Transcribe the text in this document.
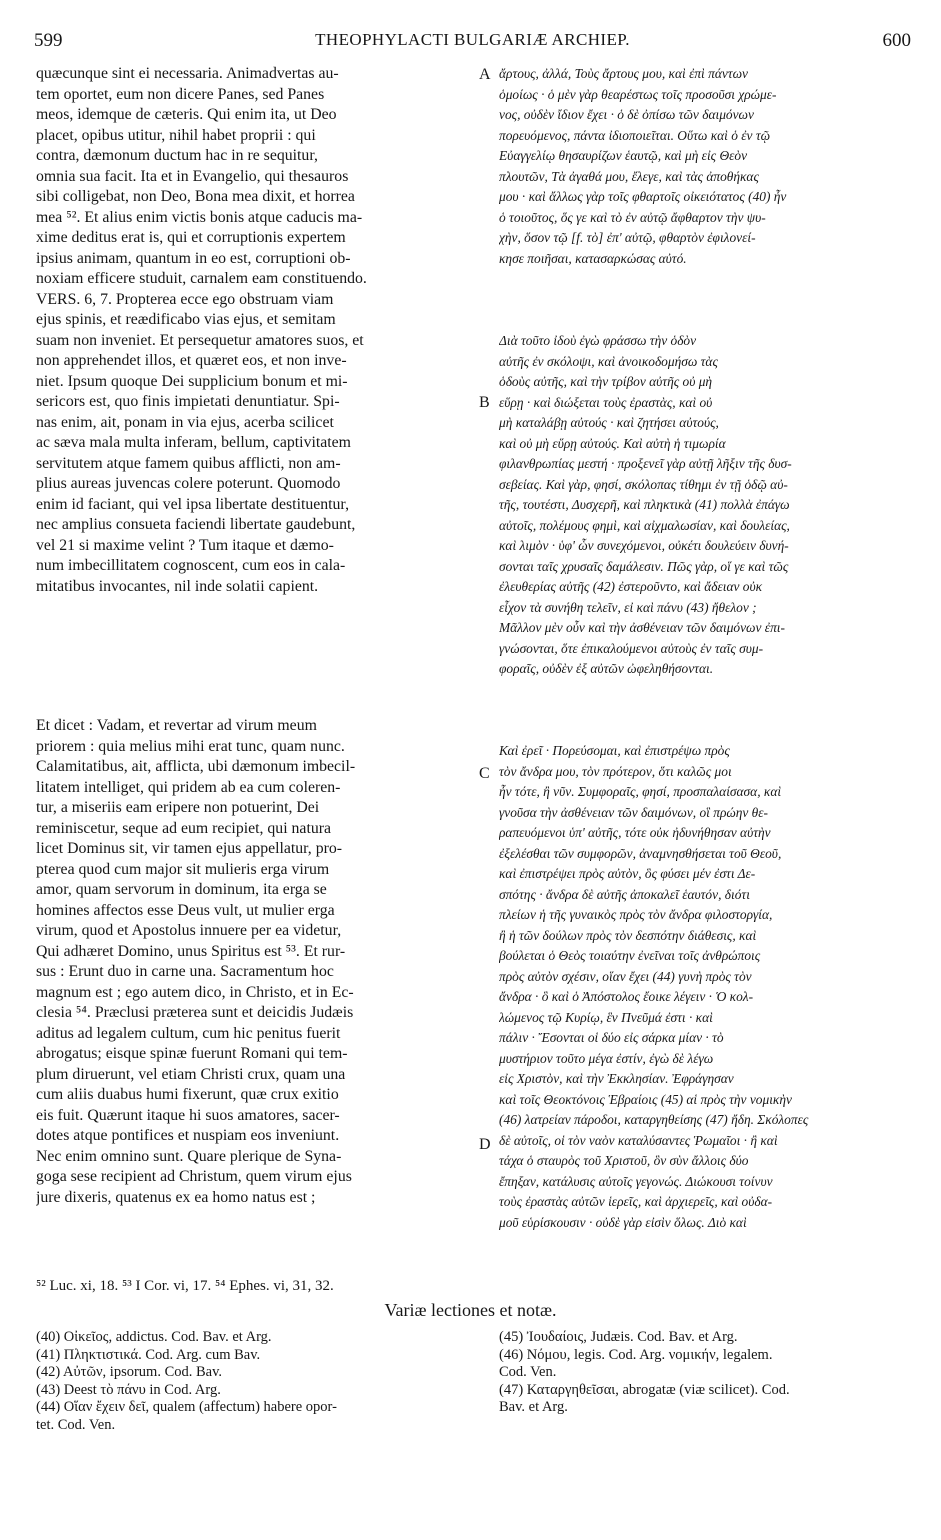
599	THEOPHYLACTI BULGARIÆ ARCHIEP.	600
quæcunque sint ei necessaria. Animadvertas au-
tem oportet, eum non dicere Panes, sed Panes
meos, idemque de cæteris. Qui enim ita, ut Deo
placet, opibus utitur, nihil habet proprii : qui
contra, dæmonum ductum hac in re sequitur,
omnia sua facit. Ita et in Evangelio, qui thesauros
sibi colligebat, non Deo, Bona mea dixit, et horrea
mea ⁵². Et alius enim victis bonis atque caducis ma-
xime deditus erat is, qui et corruptionis expertem
ipsius animam, quantum in eo est, corruptioni ob-
noxiam efficere studuit, carnalem eam constituendo.
VERS. 6, 7. Propterea ecce ego obstruam viam
ejus spinis, et reædificabo vias ejus, et semitam
suam non inveniet. Et persequetur amatores suos, et
non apprehendet illos, et quæret eos, et non inve-
niet. Ipsum quoque Dei supplicium bonum et mi-
sericors est, quo finis impietati denuntiatur. Spi-
nas enim, ait, ponam in via ejus, acerba scilicet
ac sæva mala multa inferam, bellum, captivitatem
servitutem atque famem quibus afflicti, non am-
plius aureas juvencas colere poterunt. Quomodo
enim id faciant, qui vel ipsa libertate destituentur,
nec amplius consueta faciendi libertate gaudebunt,
vel 21 si maxime velint ? Tum itaque et dæmo-
num imbecillitatem cognoscent, cum eos in cala-
mitatibus invocantes, nil inde solatii capient.
Et dicet : Vadam, et revertar ad virum meum
priorem : quia melius mihi erat tunc, quam nunc.
Calamitatibus, ait, afflicta, ubi dæmonum imbecil-
litatem intelliget, qui pridem ab ea cum coleren-
tur, a miseriis eam eripere non potuerint, Dei
reminiscetur, seque ad eum recipiet, qui natura
licet Dominus sit, vir tamen ejus appellatur, pro-
pterea quod cum major sit mulieris erga virum
amor, quam servorum in dominum, ita erga se
homines affectos esse Deus vult, ut mulier erga
virum, quod et Apostolus innuere per ea videtur,
Qui adhæret Domino, unus Spiritus est ⁵³. Et rur-
sus : Erunt duo in carne una. Sacramentum hoc
magnum est ; ego autem dico, in Christo, et in Ec-
clesia ⁵⁴. Præclusi præterea sunt et deicidis Judæis
aditus ad legalem cultum, cum hic penitus fuerit
abrogatus; eisque spinæ fuerunt Romani qui tem-
plum diruerunt, vel etiam Christi crux, quam una
cum aliis duabus humi fixerunt, quæ crux exitio
eis fuit. Quærunt itaque hi suos amatores, sacer-
dotes atque pontifices et nuspiam eos inveniunt.
Nec enim omnino sunt. Quare plerique de Syna-
goga sese recipient ad Christum, quem virum ejus
jure dixeris, quatenus ex ea homo natus est ;
ἄρτους, ἀλλά, Τοὺς ἄρτους μου, καὶ ἐπὶ πάντων
ὁμοίως · ὁ μὲν γὰρ θεαρέστως τοῖς προσοῦσι χρώμε-
νος, οὐδὲν ἴδιον ἔχει · ὁ δὲ ὀπίσω τῶν δαιμόνων
πορευόμενος, πάντα ἰδιοποιεῖται. Οὕτω καὶ ὁ ἐν τῷ
Εὐαγγελίῳ θησαυρίζων ἑαυτῷ, καὶ μὴ εἰς Θεὸν
πλουτῶν, Τὰ ἀγαθά μου, ἔλεγε, καὶ τὰς ἀποθήκας
μου · καὶ ἄλλως γὰρ τοῖς φθαρτοῖς οἰκειότατος (40) ἦν
ὁ τοιοῦτος, ὅς γε καὶ τὸ ἐν αὐτῷ ἄφθαρτον τὴν ψυ-
χὴν, ὅσον τῷ [f. τὸ] ἐπ' αὐτῷ, φθαρτὸν ἐφιλονεί-
κησε ποιῆσαι, κατασαρκώσας αὐτό.
Διὰ τοῦτο ἰδοὺ ἐγὼ φράσσω τὴν ὁδὸν
αὐτῆς ἐν σκόλοψι, καὶ ἀνοικοδομήσω τὰς
ὁδοὺς αὐτῆς, καὶ τὴν τρίβον αὐτῆς οὐ μὴ
εὕρῃ · καὶ διώξεται τοὺς ἐραστὰς, καὶ οὐ
μὴ καταλάβῃ αὐτούς · καὶ ζητήσει αὐτούς,
καὶ οὐ μὴ εὕρῃ αὐτούς. Καὶ αὐτὴ ἡ τιμωρία
φιλανθρωπίας μεστή · προξενεῖ γὰρ αὐτῇ λῆξιν τῆς δυσ-
σεβείας. Καὶ γὰρ, φησί, σκόλοπας τίθημι ἐν τῇ ὁδῷ αὐ-
τῆς, τουτέστι, Δυσχερῆ, καὶ πληκτικὰ (41) πολλὰ ἐπάγω
αὐτοῖς, πολέμους φημὶ, καὶ αἰχμαλωσίαν, καὶ δουλείας,
καὶ λιμὸν · ὑφ' ὧν συνεχόμενοι, οὐκέτι δουλεύειν δυνή-
σονται ταῖς χρυσαῖς δαμάλεσιν. Πῶς γὰρ, οἵ γε καὶ τῶς
ἐλευθερίας αὐτῆς (42) ἐστεροῦντο, καὶ ἄδειαν οὐκ
εἶχον τὰ συνήθη τελεῖν, εἰ καὶ πάνυ (43) ἤθελον ;
Μᾶλλον μὲν οὖν καὶ τὴν ἀσθένειαν τῶν δαιμόνων ἐπι-
γνώσονται, ὅτε ἐπικαλούμενοι αὐτοὺς ἐν ταῖς συμ-
φοραῖς, οὐδὲν ἐξ αὐτῶν ὠφεληθήσονται.
Καὶ ἐρεῖ · Πορεύσομαι, καὶ ἐπιστρέψω πρὸς
τὸν ἄνδρα μου, τὸν πρότερον, ὅτι καλῶς μοι
ἦν τότε, ἢ νῦν. Συμφοραῖς, φησί, προσπαλαίσασα, καὶ
γνοῦσα τὴν ἀσθένειαν τῶν δαιμόνων, οἳ πρώην θε-
ραπευόμενοι ὑπ' αὐτῆς, τότε οὐκ ἠδυνήθησαν αὐτὴν
ἐξελέσθαι τῶν συμφορῶν, ἀναμνησθήσεται τοῦ Θεοῦ,
καὶ ἐπιστρέψει πρὸς αὐτὸν, ὃς φύσει μέν ἐστι Δε-
σπότης · ἄνδρα δὲ αὐτῆς ἀποκαλεῖ ἑαυτόν, διότι
πλείων ἡ τῆς γυναικὸς πρὸς τὸν ἄνδρα φιλοστοργία,
ἢ ἡ τῶν δούλων πρὸς τὸν δεσπότην διάθεσις, καὶ
βούλεται ὁ Θεὸς τοιαύτην ἐνεῖναι τοῖς ἀνθρώποις
πρὸς αὐτὸν σχέσιν, οἵαν ἔχει (44) γυνὴ πρὸς τὸν
ἄνδρα · ὃ καὶ ὁ Ἀπόστολος ἔοικε λέγειν · Ὁ κολ-
λώμενος τῷ Κυρίῳ, ἓν Πνεῦμά ἐστι · καὶ
πάλιν · Ἔσονται οἱ δύο εἰς σάρκα μίαν · τὸ
μυστήριον τοῦτο μέγα ἐστίν, ἐγὼ δὲ λέγω
εἰς Χριστὸν, καὶ τὴν Ἐκκλησίαν. Ἐφράγησαν
καὶ τοῖς Θεοκτόνοις Ἑβραίοις (45) αἱ πρὸς τὴν νομικὴν
(46) λατρείαν πάροδοι, καταργηθείσης (47) ἤδη. Σκόλοπες
δὲ αὐτοῖς, οἱ τὸν ναὸν καταλύσαντες Ῥωμαῖοι · ἢ καὶ
τάχα ὁ σταυρὸς τοῦ Χριστοῦ, ὃν σὺν ἄλλοις δύο
ἔπηξαν, κατάλυσις αὐτοῖς γεγονώς. Διώκουσι τοίνυν
τοὺς ἐραστὰς αὐτῶν ἱερεῖς, καὶ ἀρχιερεῖς, καὶ οὐδα-
μοῦ εὑρίσκουσιν · οὐδὲ γὰρ εἰσὶν ὅλως. Διὸ καὶ
A
B
C
D
⁵² Luc. xi, 18. ⁵³ I Cor. vi, 17. ⁵⁴ Ephes. vi, 31, 32.
Variæ lectiones et notæ.
(40) Οἰκεῖος, addictus. Cod. Bav. et Arg.
(41) Πληκτιστικά. Cod. Arg. cum Bav.
(42) Αὐτῶν, ipsorum. Cod. Bav.
(43) Deest τὸ πάνυ in Cod. Arg.
(44) Οἵαν ἔχειν δεῖ, qualem (affectum) habere opor-
tet. Cod. Ven.
(45) Ἰουδαίοις, Judæis. Cod. Bav. et Arg.
(46) Νόμου, legis. Cod. Arg. νομικήν, legalem.
Cod. Ven.
(47) Καταργηθεῖσαι, abrogatæ (viæ scilicet). Cod.
Bav. et Arg.
